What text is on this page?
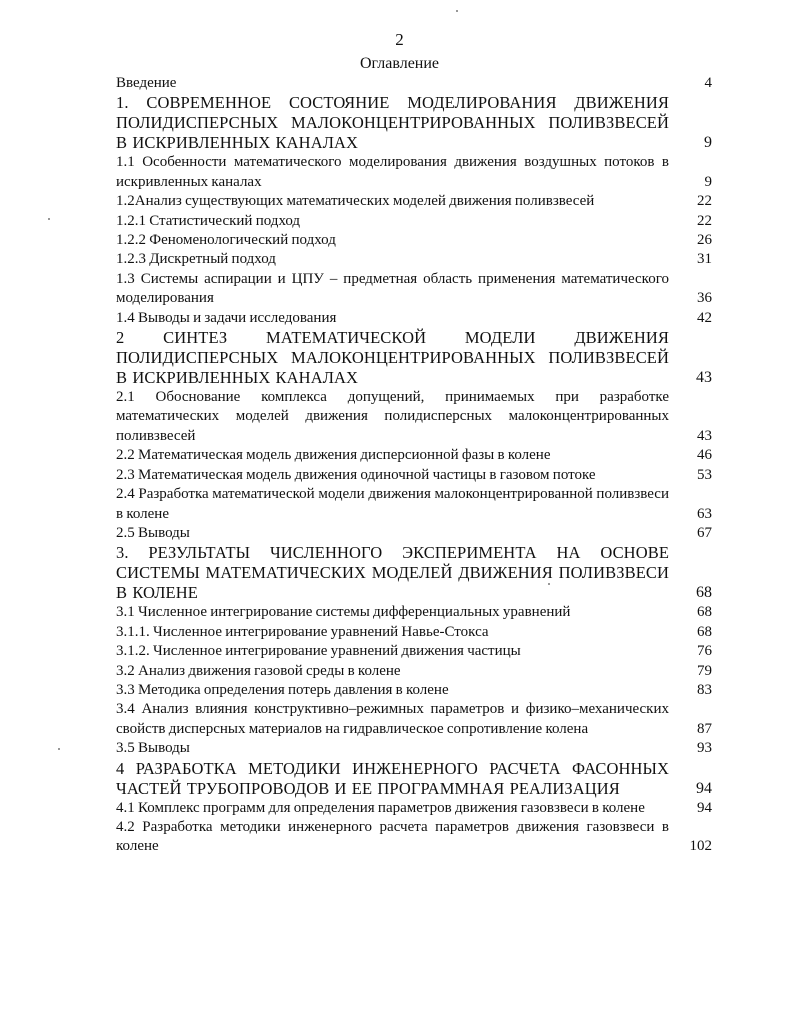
2
Оглавление
Введение	4
1. СОВРЕМЕННОЕ СОСТОЯНИЕ МОДЕЛИРОВАНИЯ ДВИЖЕНИЯ ПОЛИДИСПЕРСНЫХ МАЛОКОНЦЕНТРИРОВАННЫХ ПОЛИВЗВЕСЕЙ В ИСКРИВЛЕННЫХ КАНАЛАХ	9
1.1 Особенности математического моделирования движения воздушных потоков в искривленных каналах	9
1.2Анализ существующих математических моделей движения поливзвесей	22
1.2.1 Статистический подход	22
1.2.2 Феноменологический подход	26
1.2.3 Дискретный подход	31
1.3 Системы аспирации и ЦПУ – предметная область применения математического моделирования	36
1.4 Выводы и задачи исследования	42
2 СИНТЕЗ МАТЕМАТИЧЕСКОЙ МОДЕЛИ ДВИЖЕНИЯ ПОЛИДИСПЕРСНЫХ МАЛОКОНЦЕНТРИРОВАННЫХ ПОЛИВЗВЕСЕЙ В ИСКРИВЛЕННЫХ КАНАЛАХ	43
2.1 Обоснование комплекса допущений, принимаемых при разработке математических моделей движения полидисперсных малоконцентрированных поливзвесей	43
2.2 Математическая модель движения дисперсионной фазы в колене	46
2.3 Математическая модель движения одиночной частицы в газовом потоке	53
2.4 Разработка математической модели движения малоконцентрированной поливзвеси в колене	63
2.5 Выводы	67
3. РЕЗУЛЬТАТЫ ЧИСЛЕННОГО ЭКСПЕРИМЕНТА НА ОСНОВЕ СИСТЕМЫ МАТЕМАТИЧЕСКИХ МОДЕЛЕЙ ДВИЖЕНИЯ ПОЛИВЗВЕСИ В КОЛЕНЕ	68
3.1 Численное интегрирование системы дифференциальных уравнений	68
3.1.1. Численное интегрирование уравнений Навье-Стокса	68
3.1.2. Численное интегрирование уравнений движения частицы	76
3.2 Анализ движения газовой среды в колене	79
3.3 Методика определения потерь давления в колене	83
3.4 Анализ влияния конструктивно–режимных параметров и физико–механических свойств дисперсных материалов на гидравлическое сопротивление колена	87
3.5 Выводы	93
4 РАЗРАБОТКА МЕТОДИКИ ИНЖЕНЕРНОГО РАСЧЕТА ФАСОННЫХ ЧАСТЕЙ ТРУБОПРОВОДОВ И ЕЕ ПРОГРАММНАЯ РЕАЛИЗАЦИЯ	94
4.1 Комплекс программ для определения параметров движения газовзвеси в колене	94
4.2 Разработка методики инженерного расчета параметров движения газовзвеси в колене	102
